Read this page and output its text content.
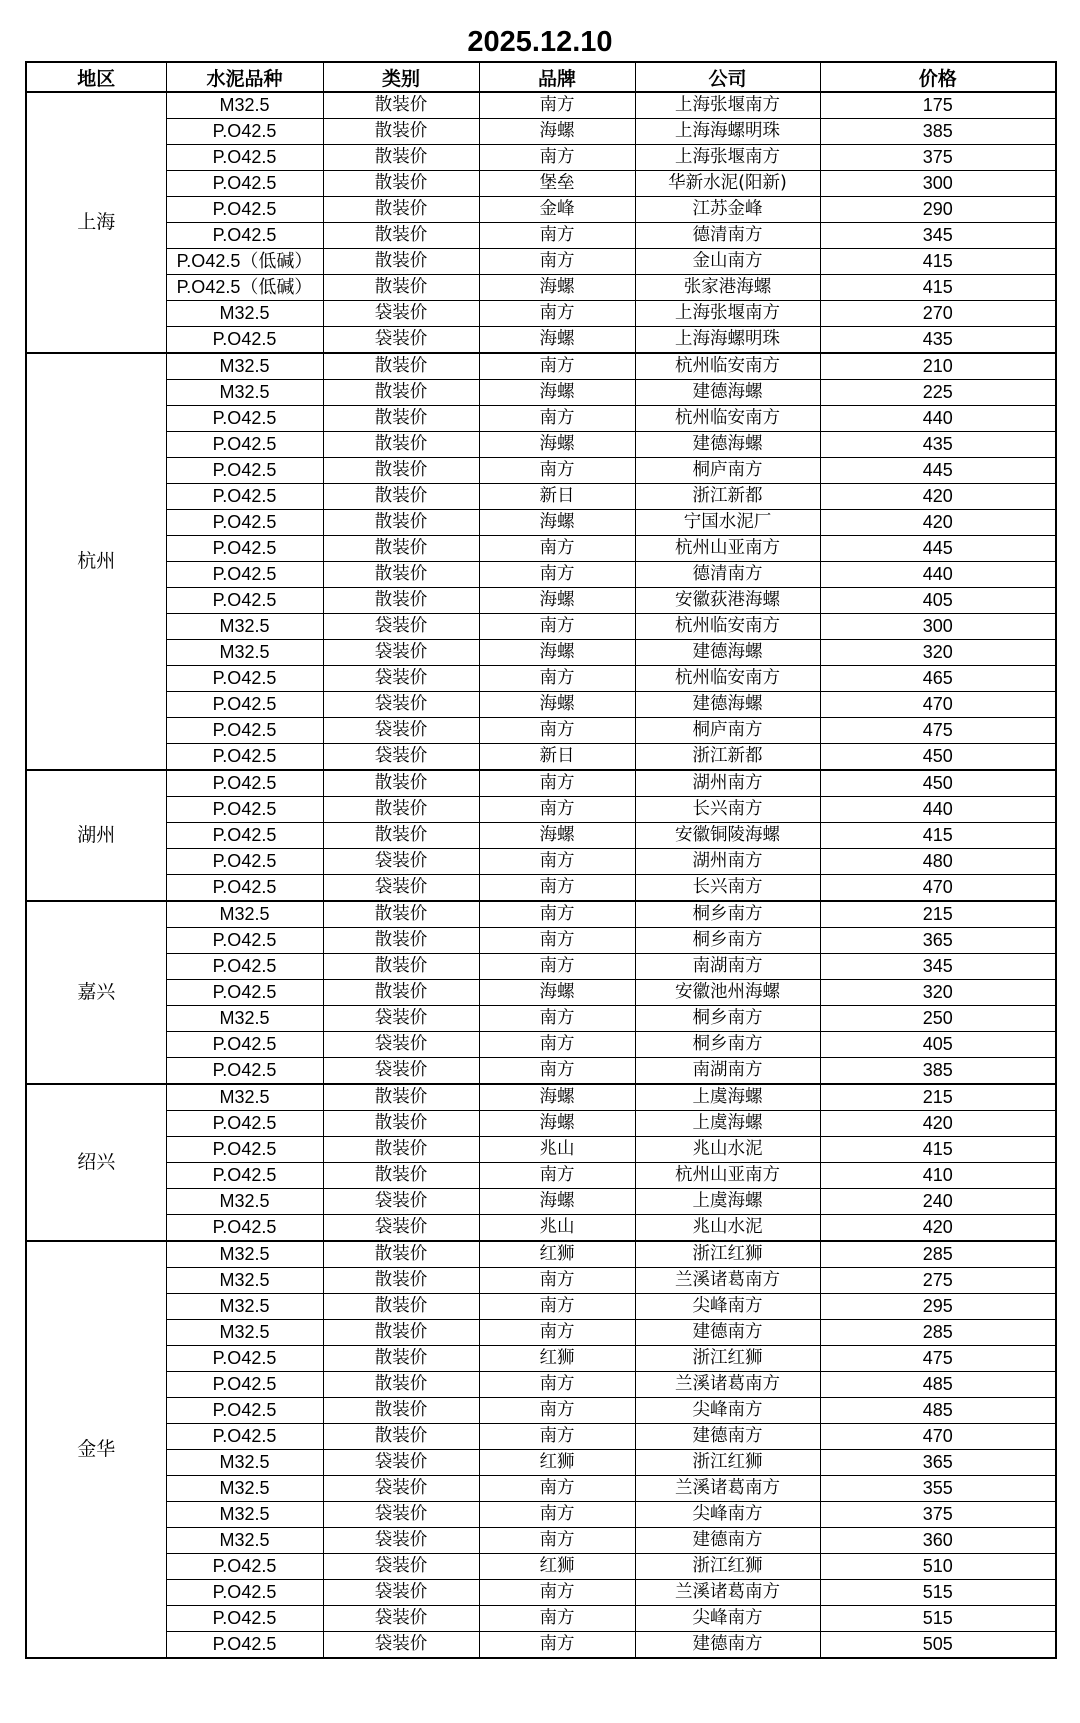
2025.12.10
地区	水泥品种	类别	品牌	公司	价格
上海	M32.5	散装价	南方	上海张堰南方	175
	P.O42.5	散装价	海螺	上海海螺明珠	385
	P.O42.5	散装价	南方	上海张堰南方	375
	P.O42.5	散装价	堡垒	华新水泥(阳新)	300
	P.O42.5	散装价	金峰	江苏金峰	290
	P.O42.5	散装价	南方	德清南方	345
	P.O42.5（低碱）	散装价	南方	金山南方	415
	P.O42.5（低碱）	散装价	海螺	张家港海螺	415
	M32.5	袋装价	南方	上海张堰南方	270
	P.O42.5	袋装价	海螺	上海海螺明珠	435
杭州	M32.5	散装价	南方	杭州临安南方	210
	M32.5	散装价	海螺	建德海螺	225
	P.O42.5	散装价	南方	杭州临安南方	440
	P.O42.5	散装价	海螺	建德海螺	435
	P.O42.5	散装价	南方	桐庐南方	445
	P.O42.5	散装价	新日	浙江新都	420
	P.O42.5	散装价	海螺	宁国水泥厂	420
	P.O42.5	散装价	南方	杭州山亚南方	445
	P.O42.5	散装价	南方	德清南方	440
	P.O42.5	散装价	海螺	安徽荻港海螺	405
	M32.5	袋装价	南方	杭州临安南方	300
	M32.5	袋装价	海螺	建德海螺	320
	P.O42.5	袋装价	南方	杭州临安南方	465
	P.O42.5	袋装价	海螺	建德海螺	470
	P.O42.5	袋装价	南方	桐庐南方	475
	P.O42.5	袋装价	新日	浙江新都	450
湖州	P.O42.5	散装价	南方	湖州南方	450
	P.O42.5	散装价	南方	长兴南方	440
	P.O42.5	散装价	海螺	安徽铜陵海螺	415
	P.O42.5	袋装价	南方	湖州南方	480
	P.O42.5	袋装价	南方	长兴南方	470
嘉兴	M32.5	散装价	南方	桐乡南方	215
	P.O42.5	散装价	南方	桐乡南方	365
	P.O42.5	散装价	南方	南湖南方	345
	P.O42.5	散装价	海螺	安徽池州海螺	320
	M32.5	袋装价	南方	桐乡南方	250
	P.O42.5	袋装价	南方	桐乡南方	405
	P.O42.5	袋装价	南方	南湖南方	385
绍兴	M32.5	散装价	海螺	上虞海螺	215
	P.O42.5	散装价	海螺	上虞海螺	420
	P.O42.5	散装价	兆山	兆山水泥	415
	P.O42.5	散装价	南方	杭州山亚南方	410
	M32.5	袋装价	海螺	上虞海螺	240
	P.O42.5	袋装价	兆山	兆山水泥	420
金华	M32.5	散装价	红狮	浙江红狮	285
	M32.5	散装价	南方	兰溪诸葛南方	275
	M32.5	散装价	南方	尖峰南方	295
	M32.5	散装价	南方	建德南方	285
	P.O42.5	散装价	红狮	浙江红狮	475
	P.O42.5	散装价	南方	兰溪诸葛南方	485
	P.O42.5	散装价	南方	尖峰南方	485
	P.O42.5	散装价	南方	建德南方	470
	M32.5	袋装价	红狮	浙江红狮	365
	M32.5	袋装价	南方	兰溪诸葛南方	355
	M32.5	袋装价	南方	尖峰南方	375
	M32.5	袋装价	南方	建德南方	360
	P.O42.5	袋装价	红狮	浙江红狮	510
	P.O42.5	袋装价	南方	兰溪诸葛南方	515
	P.O42.5	袋装价	南方	尖峰南方	515
	P.O42.5	袋装价	南方	建德南方	505
